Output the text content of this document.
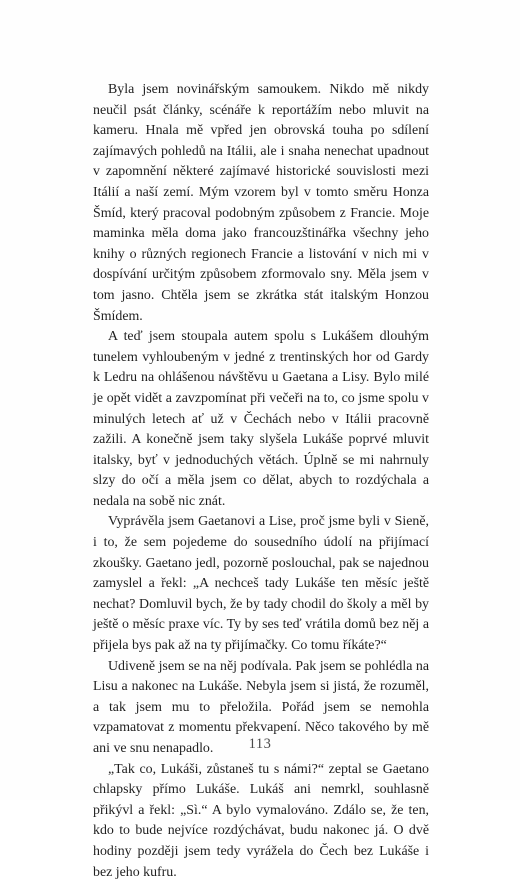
Byla jsem novinářským samoukem. Nikdo mě nikdy neučil psát články, scénáře k reportážím nebo mluvit na kameru. Hnala mě vpřed jen obrovská touha po sdílení zajímavých pohledů na Itálii, ale i snaha nenechat upadnout v zapomnění některé zajímavé historické souvislosti mezi Itálií a naší zemí. Mým vzorem byl v tomto směru Honza Šmíd, který pracoval podobným způsobem z Francie. Moje maminka měla doma jako francouzštinářka všechny jeho knihy o různých regionech Francie a listování v nich mi v dospívání určitým způsobem zformovalo sny. Měla jsem v tom jasno. Chtěla jsem se zkrátka stát italským Honzou Šmídem.

A teď jsem stoupala autem spolu s Lukášem dlouhým tunelem vyhloubeným v jedné z trentinských hor od Gardy k Ledru na ohlášenou návštěvu u Gaetana a Lisy. Bylo milé je opět vidět a zavzpomínat při večeři na to, co jsme spolu v minulých letech ať už v Čechách nebo v Itálii pracovně zažili. A konečně jsem taky slyšela Lukáše poprvé mluvit italsky, byť v jednoduchých větách. Úplně se mi nahrnuly slzy do očí a měla jsem co dělat, abych to rozdýchala a nedala na sobě nic znát.

Vyprávěla jsem Gaetanovi a Lise, proč jsme byli v Sieně, i to, že sem pojedeme do sousedního údolí na přijímací zkoušky. Gaetano jedl, pozorně poslouchal, pak se najednou zamyslel a řekl: „A nechceš tady Lukáše ten měsíc ještě nechat? Domluvil bych, že by tady chodil do školy a měl by ještě o měsíc praxe víc. Ty by ses teď vrátila domů bez něj a přijela bys pak až na ty přijímačky. Co tomu říkáte?“

Udiveně jsem se na něj podívala. Pak jsem se pohlédla na Lisu a nakonec na Lukáše. Nebyla jsem si jistá, že rozuměl, a tak jsem mu to přeložila. Pořád jsem se nemohla vzpamatovat z momentu překvapení. Něco takového by mě ani ve snu nenapadlo.

„Tak co, Lukáši, zůstaneš tu s námi?“ zeptal se Gaetano chlapsky přímo Lukáše. Lukáš ani nemrkl, souhlasně přikývl a řekl: „Sì.“ A bylo vymalováno. Zdálo se, že ten, kdo to bude nejvíce rozdýchávat, budu nakonec já. O dvě hodiny později jsem tedy vyrážela do Čech bez Lukáše i bez jeho kufru.

113
